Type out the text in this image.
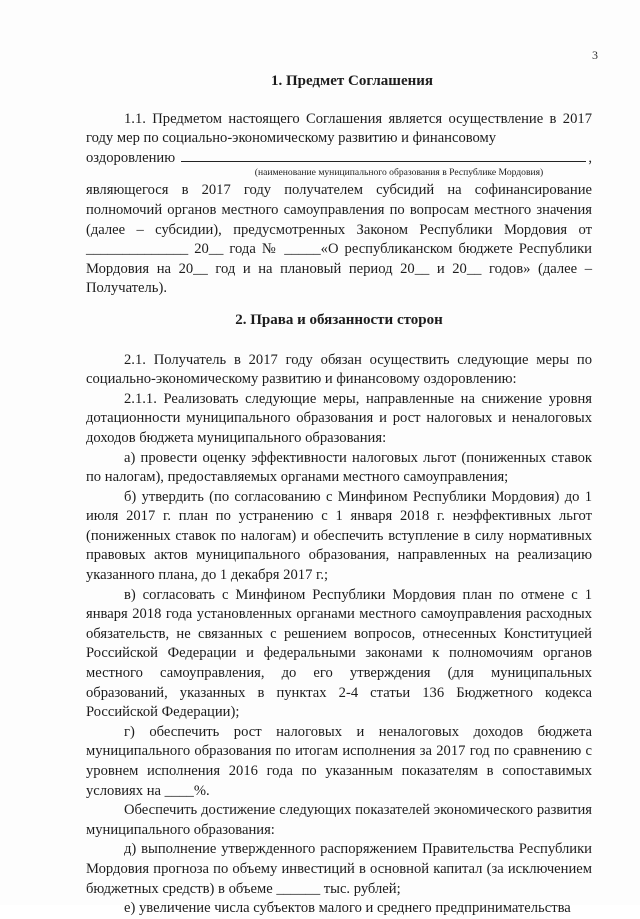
3
1. Предмет Соглашения

1.1. Предметом настоящего Соглашения является осуществление в 2017 году мер по социально-экономическому развитию и финансовому

оздоровлению	,
(наименование муниципального образования в Республике Мордовия)

являющегося в 2017 году получателем субсидий на софинансирование полномочий органов местного самоуправления по вопросам местного значения (далее – субсидии), предусмотренных Законом Республики Мордовия от ______________ 20__ года № _____«О республиканском бюджете Республики Мордовия на 20__ год и на плановый период 20__ и 20__ годов» (далее – Получатель).

2. Права и обязанности сторон

2.1. Получатель в 2017 году обязан осуществить следующие меры по социально-экономическому развитию и финансовому оздоровлению:

2.1.1. Реализовать следующие меры, направленные на снижение уровня дотационности муниципального образования и рост налоговых и неналоговых доходов бюджета муниципального образования:

а) провести оценку эффективности налоговых льгот (пониженных ставок по налогам), предоставляемых органами местного самоуправления;

б) утвердить (по согласованию с Минфином Республики Мордовия) до 1 июля 2017 г. план по устранению с 1 января 2018 г. неэффективных льгот (пониженных ставок по налогам) и обеспечить вступление в силу нормативных правовых актов муниципального образования, направленных на реализацию указанного плана, до 1 декабря 2017 г.;

в) согласовать с Минфином Республики Мордовия план по отмене с 1 января 2018 года установленных органами местного самоуправления расходных обязательств, не связанных с решением вопросов, отнесенных Конституцией Российской Федерации и федеральными законами к полномочиям органов местного самоуправления, до его утверждения (для муниципальных образований, указанных в пунктах 2-4 статьи 136 Бюджетного кодекса Российской Федерации);

г) обеспечить рост налоговых и неналоговых доходов бюджета муниципального образования по итогам исполнения за 2017 год по сравнению с уровнем исполнения 2016 года по указанным показателям в сопоставимых условиях на ____%.

Обеспечить достижение следующих показателей экономического развития муниципального образования:

д) выполнение утвержденного распоряжением Правительства Республики Мордовия прогноза по объему инвестиций в основной капитал (за исключением бюджетных средств) в объеме ______ тыс. рублей;

е) увеличение числа субъектов малого и среднего предпринимательства
